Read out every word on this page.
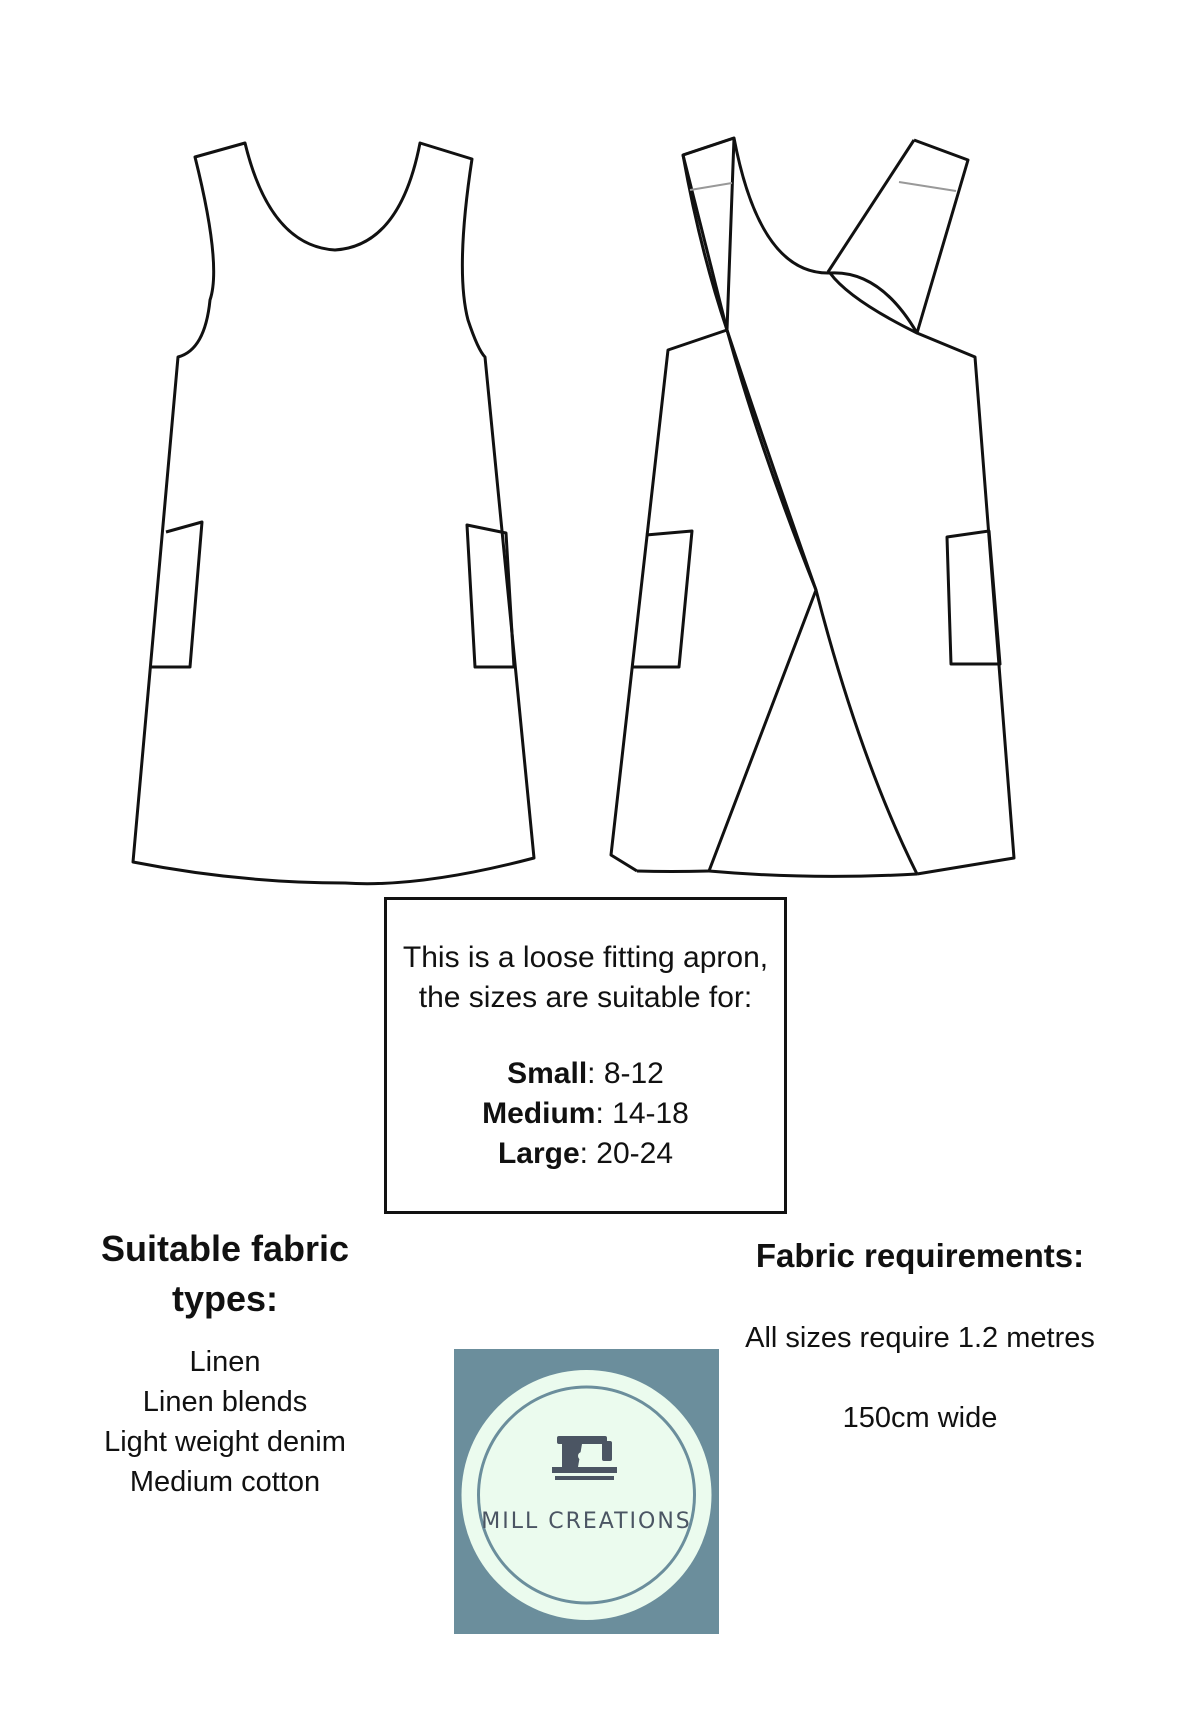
This is a loose fitting apron,
the sizes are suitable for:
Small: 8-12
Medium: 14-18
Large: 20-24
Suitable fabric
types:
Linen
Linen blends
Light weight denim
Medium cotton
Fabric requirements:

All sizes require 1.2 metres

150cm wide

MILL CREATIONS
